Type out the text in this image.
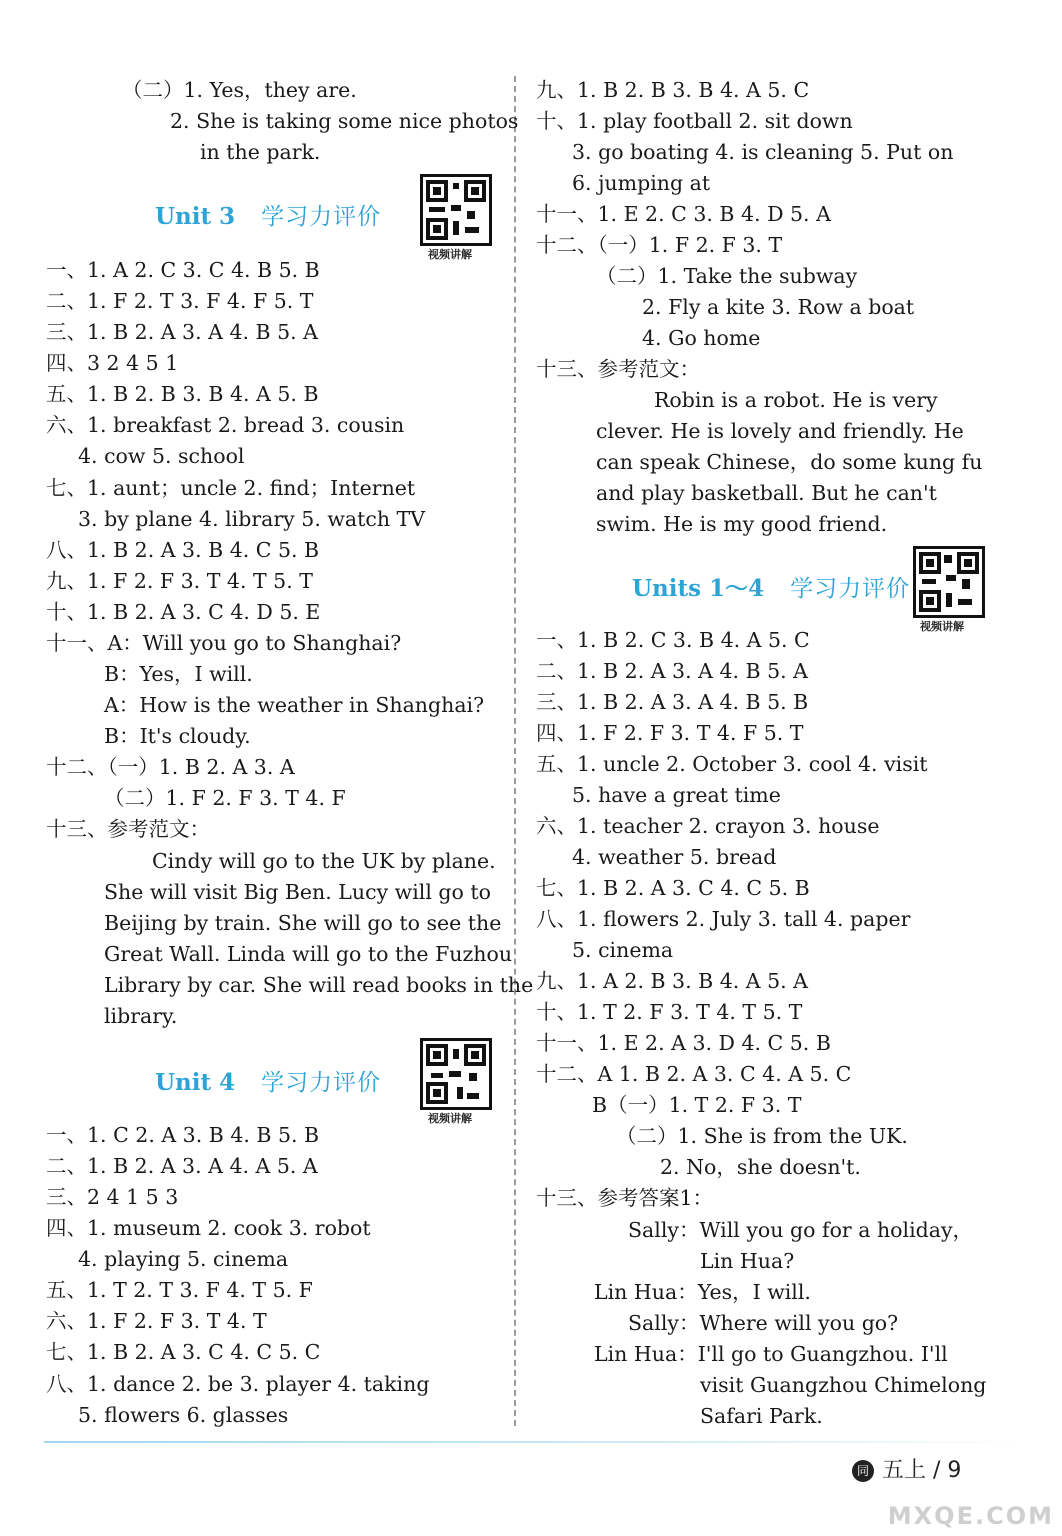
（二）1. Yes，they are.
2. She is taking some nice photos
in the park.
Unit 3 学习力评价
视频讲解
一、1. A 2. C 3. C 4. B 5. B
二、1. F 2. T 3. F 4. F 5. T
三、1. B 2. A 3. A 4. B 5. A
四、3 2 4 5 1
五、1. B 2. B 3. B 4. A 5. B
六、1. breakfast 2. bread 3. cousin
4. cow 5. school
七、1. aunt；uncle 2. find；Internet
3. by plane 4. library 5. watch TV
八、1. B 2. A 3. B 4. C 5. B
九、1. F 2. F 3. T 4. T 5. T
十、1. B 2. A 3. C 4. D 5. E
十一、A：Will you go to Shanghai?
B：Yes，I will.
A：How is the weather in Shanghai?
B：It's cloudy.
十二、（一）1. B 2. A 3. A
（二）1. F 2. F 3. T 4. F
十三、参考范文：
Cindy will go to the UK by plane.
She will visit Big Ben. Lucy will go to
Beijing by train. She will go to see the
Great Wall. Linda will go to the Fuzhou
Library by car. She will read books in the
library.
Unit 4 学习力评价
视频讲解
一、1. C 2. A 3. B 4. B 5. B
二、1. B 2. A 3. A 4. A 5. A
三、2 4 1 5 3
四、1. museum 2. cook 3. robot
4. playing 5. cinema
五、1. T 2. T 3. F 4. T 5. F
六、1. F 2. F 3. T 4. T
七、1. B 2. A 3. C 4. C 5. C
八、1. dance 2. be 3. player 4. taking
5. flowers 6. glasses
九、1. B 2. B 3. B 4. A 5. C
十、1. play football 2. sit down
3. go boating 4. is cleaning 5. Put on
6. jumping at
十一、1. E 2. C 3. B 4. D 5. A
十二、（一）1. F 2. F 3. T
（二）1. Take the subway
2. Fly a kite 3. Row a boat
4. Go home
十三、参考范文：
Robin is a robot. He is very
clever. He is lovely and friendly. He
can speak Chinese，do some kung fu
and play basketball. But he can't
swim. He is my good friend.
Units 1～4 学习力评价
视频讲解
一、1. B 2. C 3. B 4. A 5. C
二、1. B 2. A 3. A 4. B 5. A
三、1. B 2. A 3. A 4. B 5. B
四、1. F 2. F 3. T 4. F 5. T
五、1. uncle 2. October 3. cool 4. visit
5. have a great time
六、1. teacher 2. crayon 3. house
4. weather 5. bread
七、1. B 2. A 3. C 4. C 5. B
八、1. flowers 2. July 3. tall 4. paper
5. cinema
九、1. A 2. B 3. B 4. A 5. A
十、1. T 2. F 3. T 4. T 5. T
十一、1. E 2. A 3. D 4. C 5. B
十二、A 1. B 2. A 3. C 4. A 5. C
B（一）1. T 2. F 3. T
（二）1. She is from the UK.
2. No，she doesn't.
十三、参考答案1：
Sally：Will you go for a holiday，
Lin Hua?
Lin Hua：Yes，I will.
Sally：Where will you go?
Lin Hua：I'll go to Guangzhou. I'll
visit Guangzhou Chimelong
Safari Park.
同 五上 / 9
MXQE.COM
